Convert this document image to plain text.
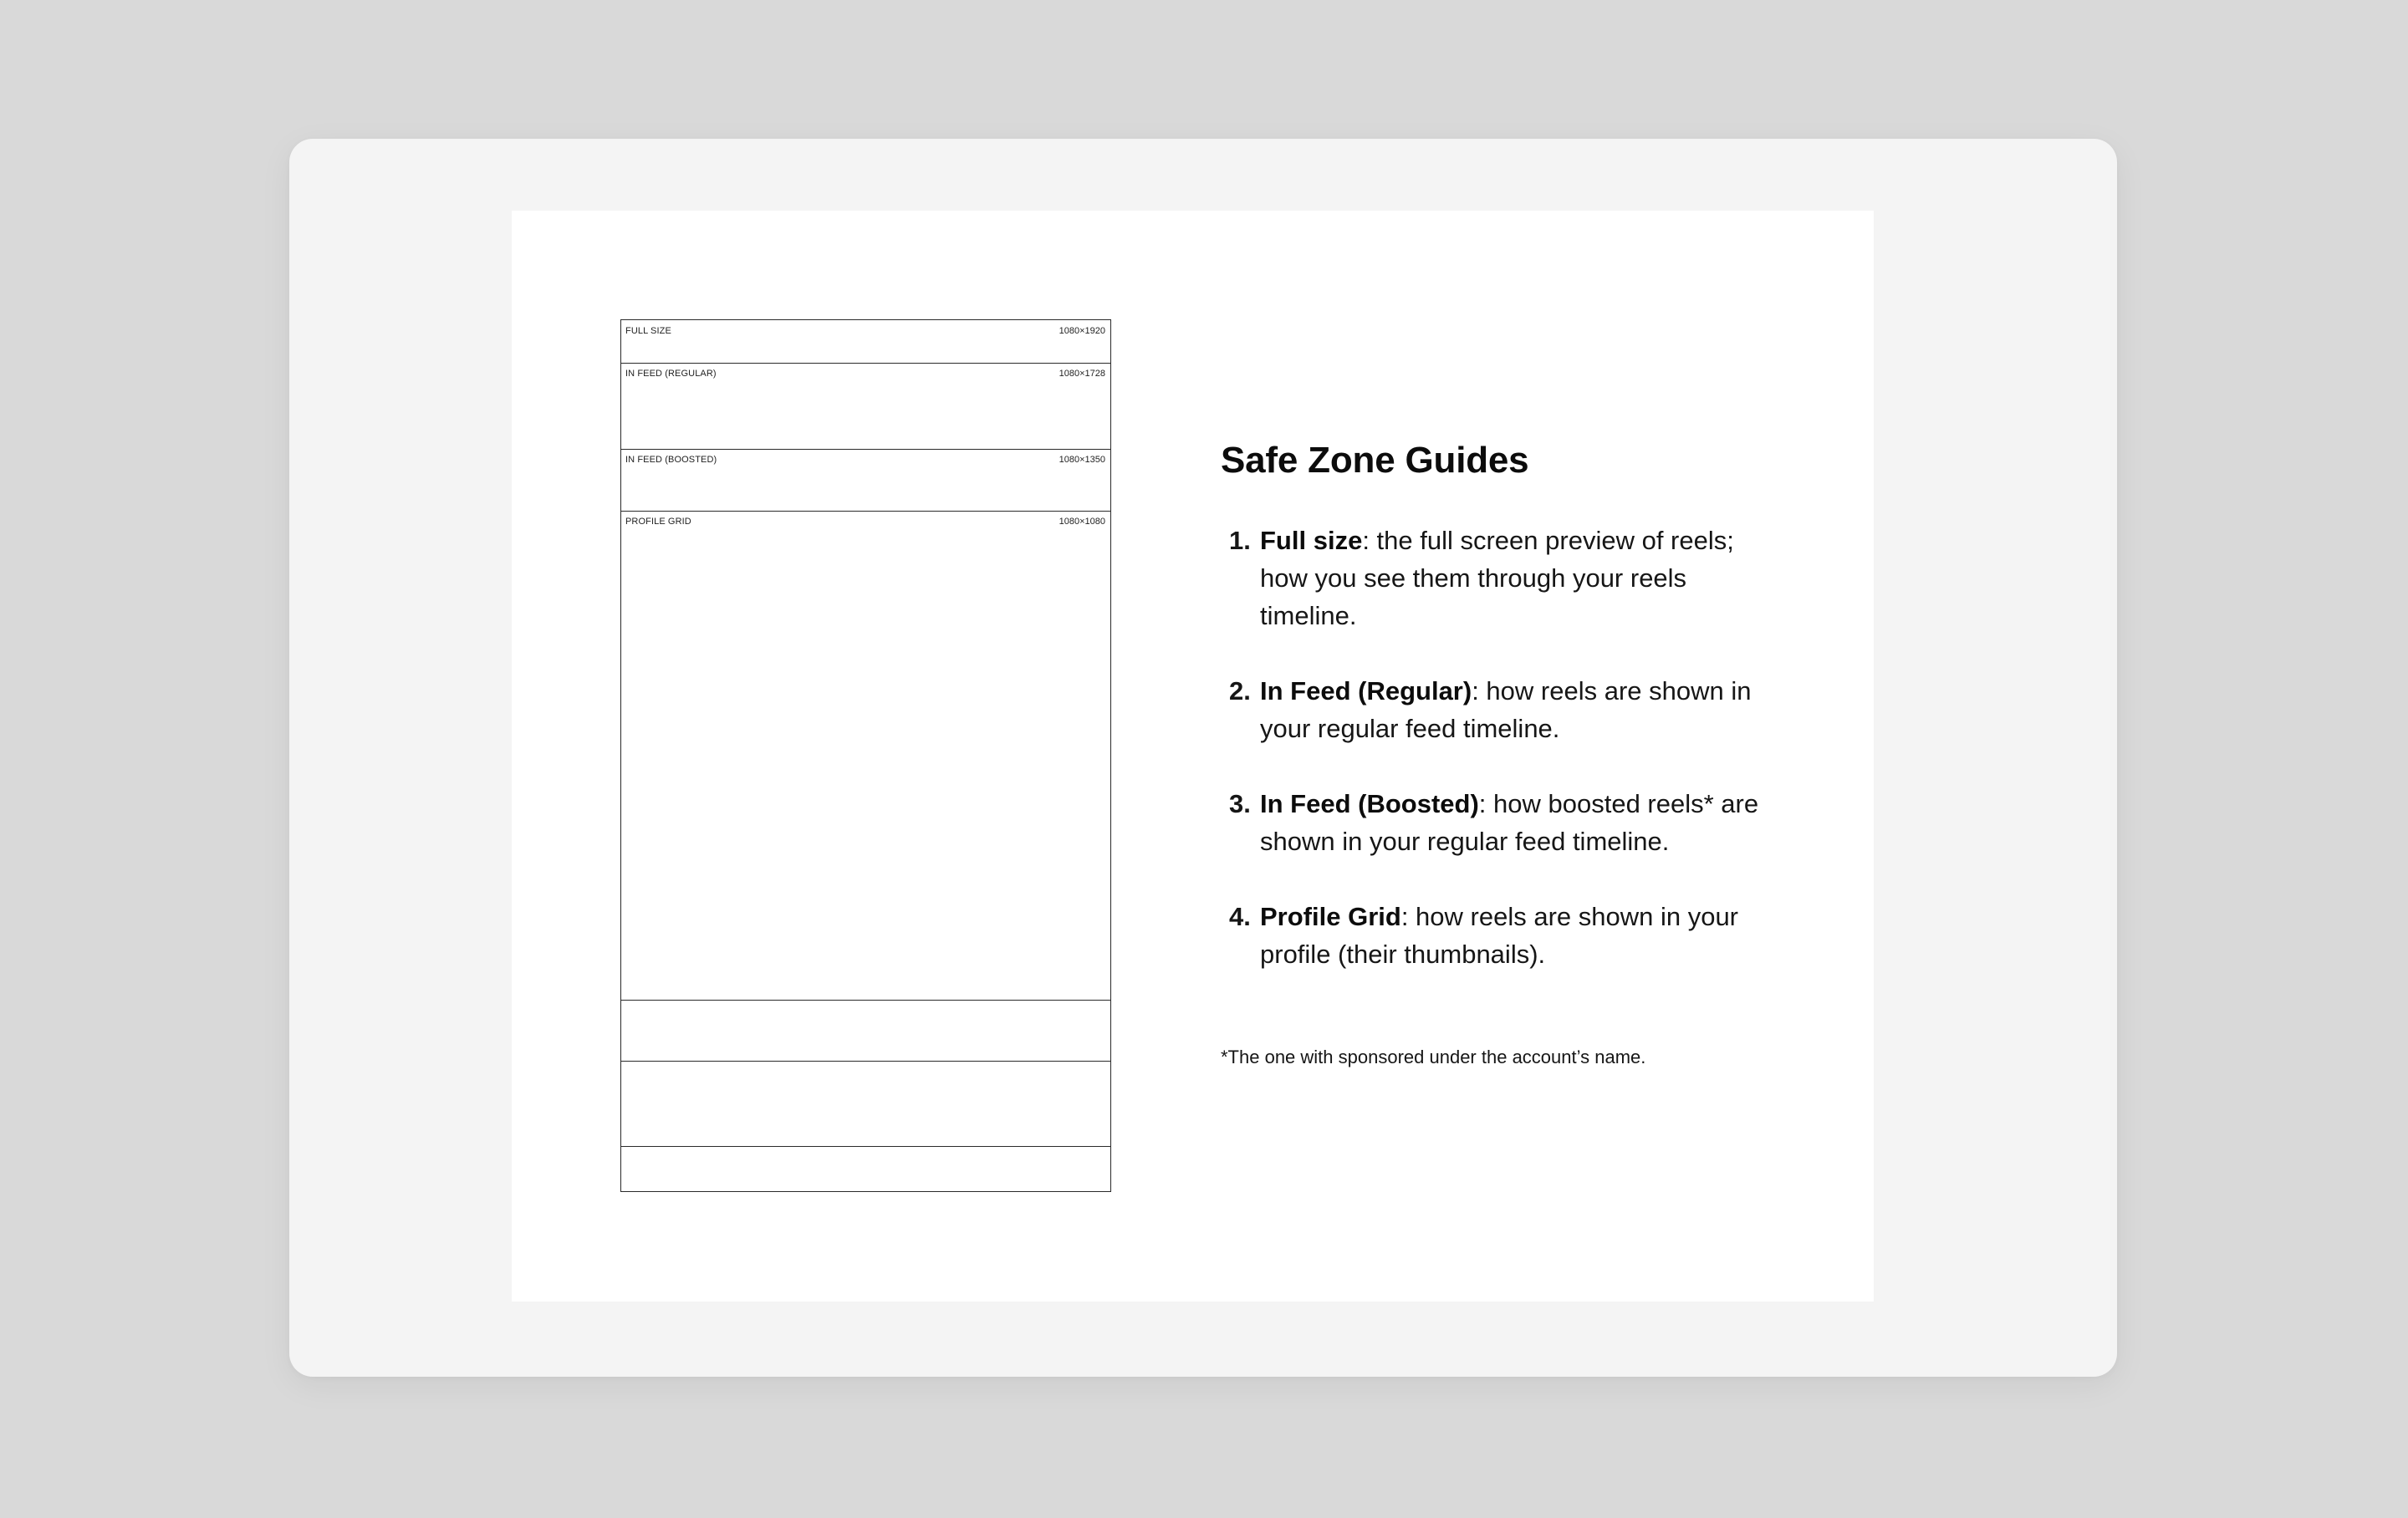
FULL SIZE	1080×1920
IN FEED (REGULAR)	1080×1728
IN FEED (BOOSTED)	1080×1350
PROFILE GRID	1080×1080
Safe Zone Guides
1. Full size: the full screen preview of reels; how you see them through your reels timeline.
2. In Feed (Regular): how reels are shown in your regular feed timeline.
3. In Feed (Boosted): how boosted reels* are shown in your regular feed timeline.
4. Profile Grid: how reels are shown in your profile (their thumbnails).
*The one with sponsored under the account’s name.
